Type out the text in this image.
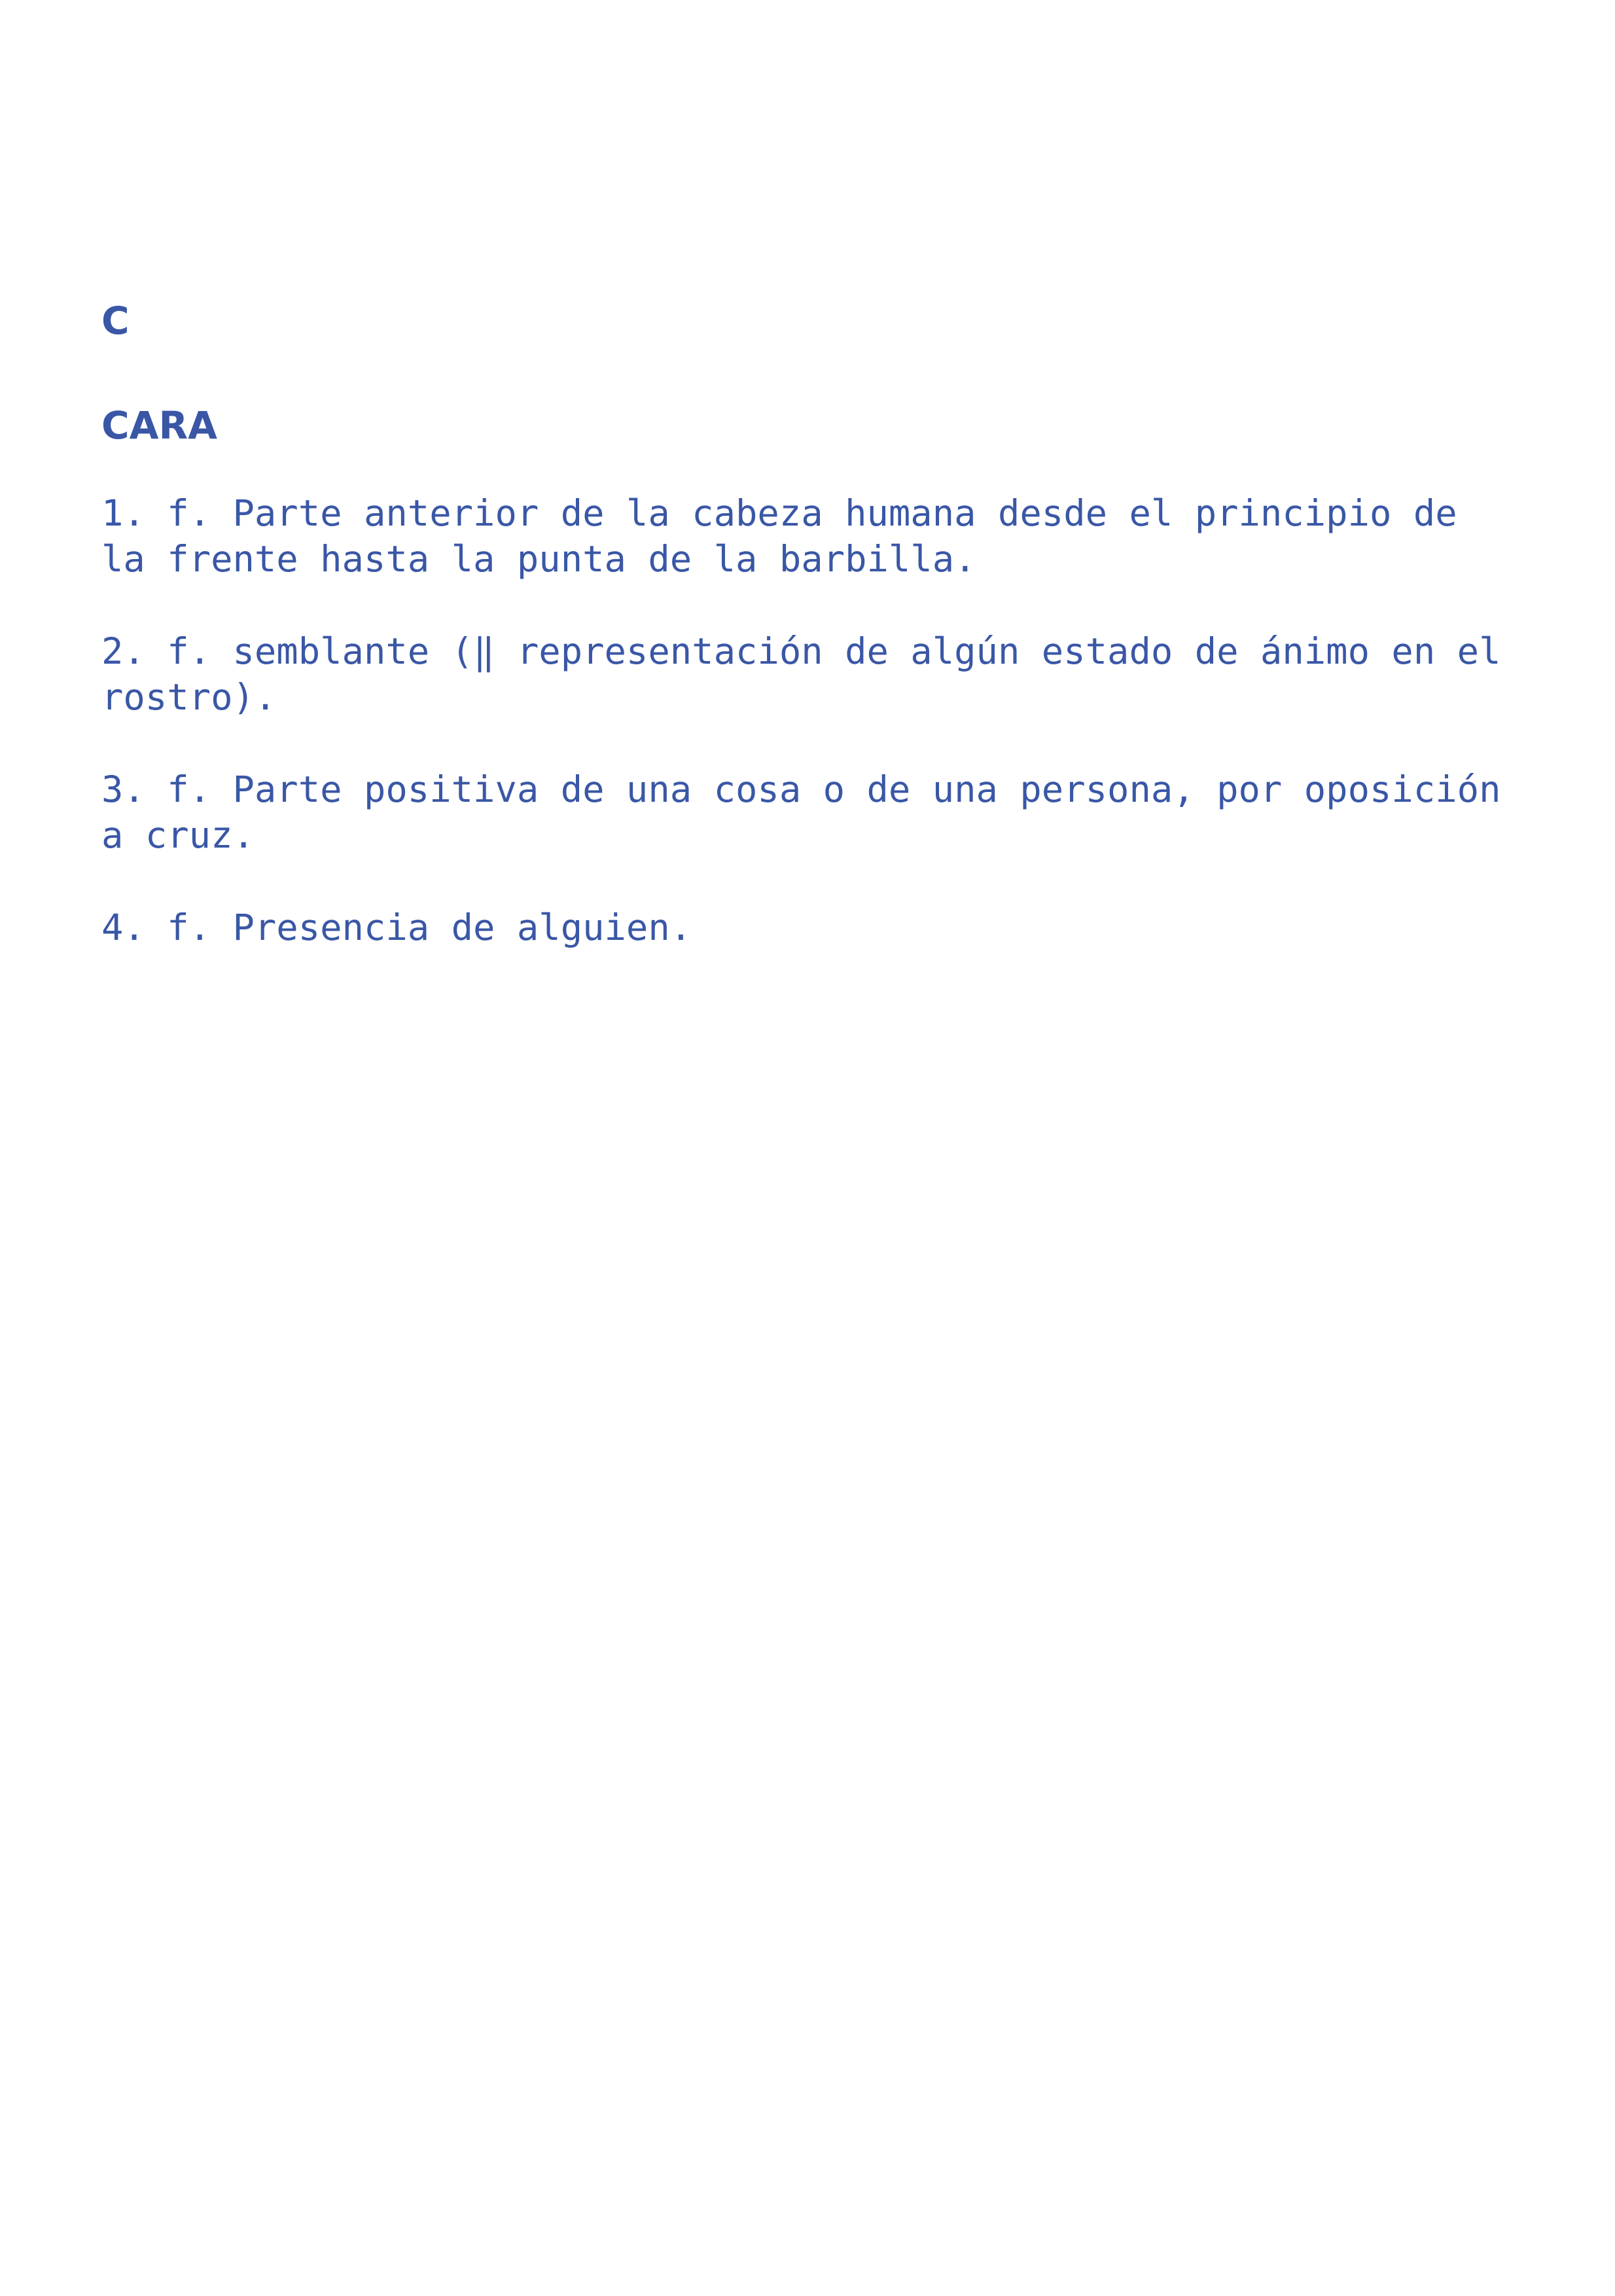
C
CARA
1. f. Parte anterior de la cabeza humana desde el principio de la frente hasta la punta de la barbilla.
2. f. semblante (‖ representación de algún estado de ánimo en el rostro).
3. f. Parte positiva de una cosa o de una persona, por oposición a cruz.
4. f. Presencia de alguien.
